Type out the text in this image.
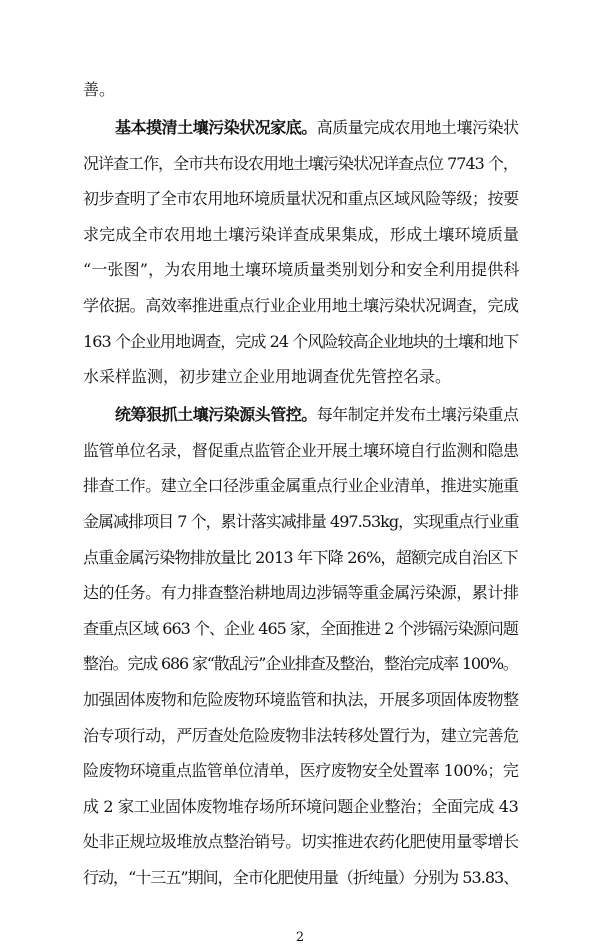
善。
基本摸清土壤污染状况家底。高质量完成农用地土壤污染状
况详查工作，全市共布设农用地土壤污染状况详查点位 7743 个，
初步查明了全市农用地环境质量状况和重点区域风险等级；按要
求完成全市农用地土壤污染详查成果集成，形成土壤环境质量
“一张图”，为农用地土壤环境质量类别划分和安全利用提供科
学依据。高效率推进重点行业企业用地土壤污染状况调查，完成
163 个企业用地调查，完成 24 个风险较高企业地块的土壤和地下
水采样监测，初步建立企业用地调查优先管控名录。
统筹狠抓土壤污染源头管控。每年制定并发布土壤污染重点
监管单位名录，督促重点监管企业开展土壤环境自行监测和隐患
排查工作。建立全口径涉重金属重点行业企业清单，推进实施重
金属减排项目 7 个，累计落实减排量 497.53kg，实现重点行业重
点重金属污染物排放量比 2013 年下降 26%，超额完成自治区下
达的任务。有力排查整治耕地周边涉镉等重金属污染源，累计排
查重点区域 663 个、企业 465 家，全面推进 2 个涉镉污染源问题
整治。完成 686 家“散乱污”企业排查及整治，整治完成率 100%。
加强固体废物和危险废物环境监管和执法，开展多项固体废物整
治专项行动，严厉查处危险废物非法转移处置行为，建立完善危
险废物环境重点监管单位清单，医疗废物安全处置率 100%；完
成 2 家工业固体废物堆存场所环境问题企业整治；全面完成 43
处非正规垃圾堆放点整治销号。切实推进农药化肥使用量零增长
行动，“十三五”期间，全市化肥使用量（折纯量）分别为 53.83、
2
